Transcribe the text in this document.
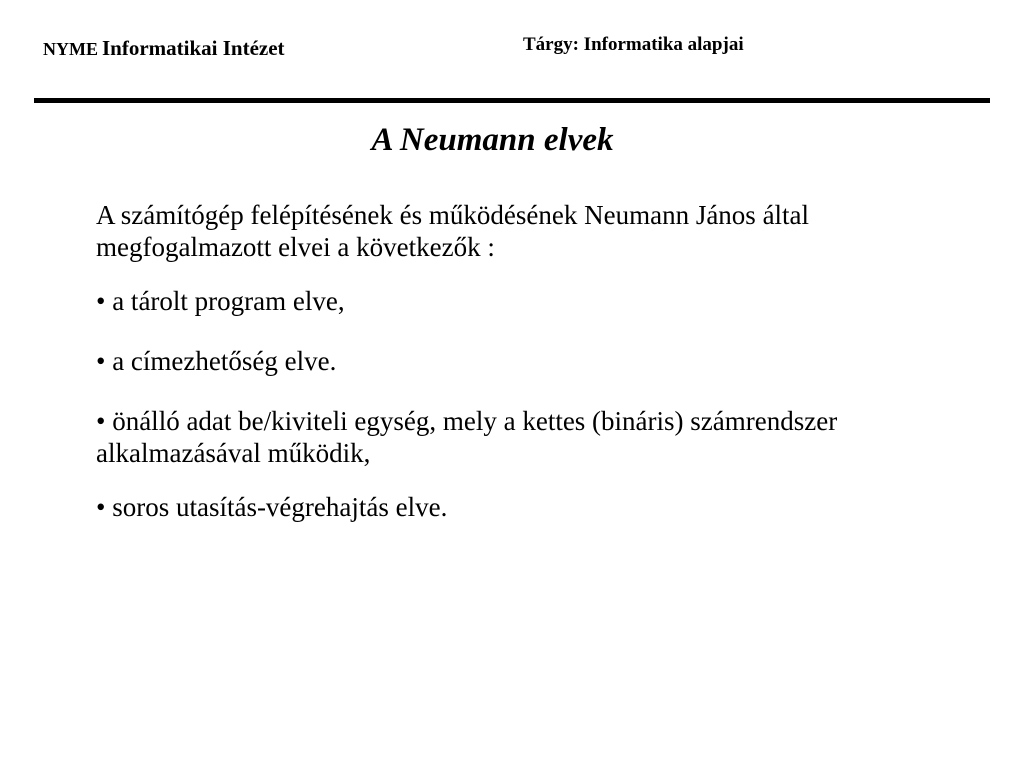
NYME Informatikai Intézet	Tárgy: Informatika alapjai
A Neumann elvek

A számítógép felépítésének és működésének Neumann János által megfogalmazott elvei a következők :

• a tárolt program elve,
• a címezhetőség elve.
• önálló adat be/kiviteli egység, mely a kettes (bináris) számrendszer alkalmazásával működik,
• soros utasítás-végrehajtás elve.
